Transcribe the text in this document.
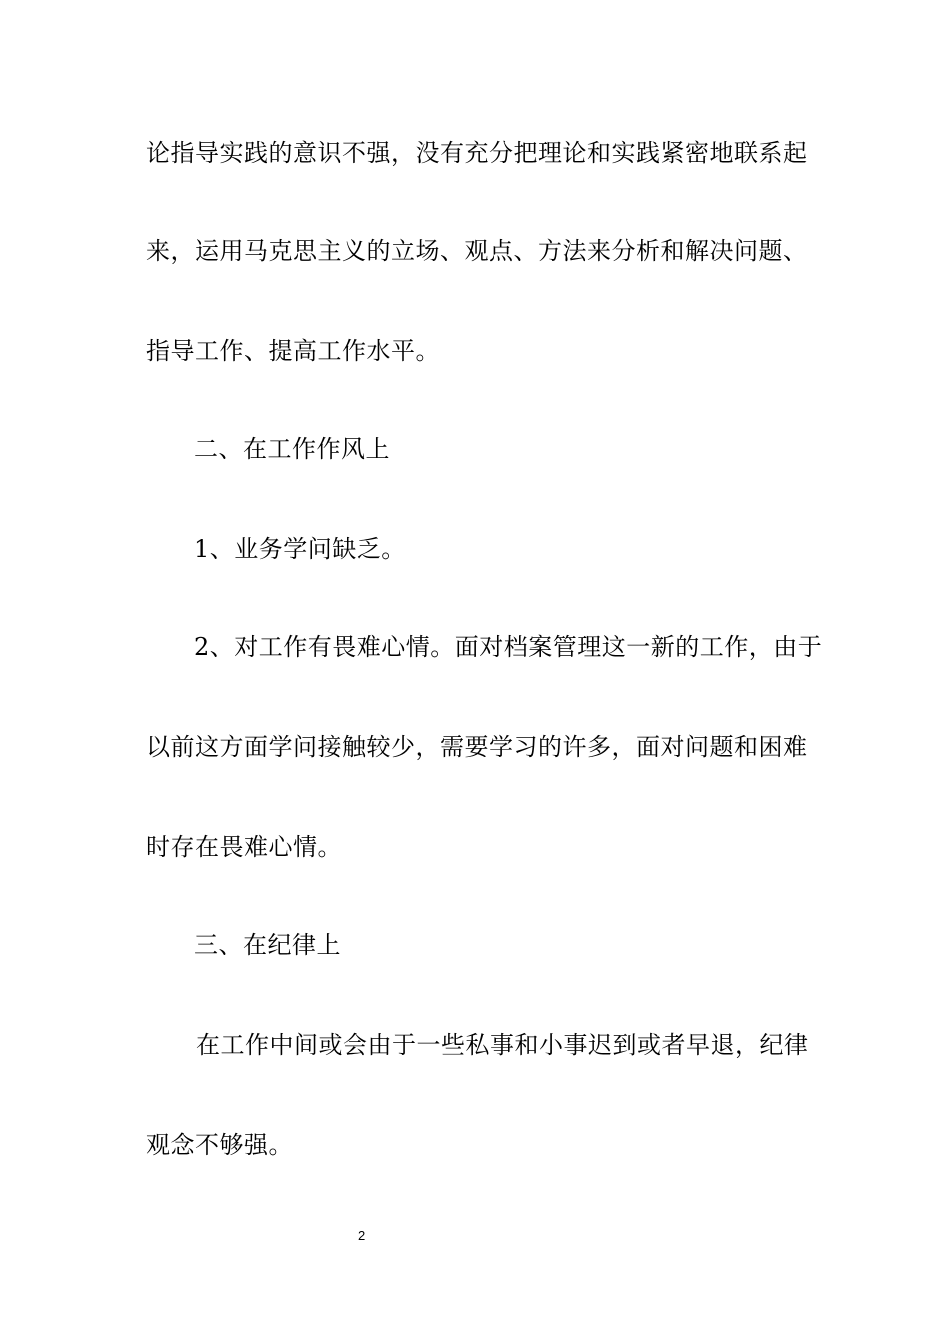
论指导实践的意识不强，没有充分把理论和实践紧密地联系起
来，运用马克思主义的立场、观点、方法来分析和解决问题、
指导工作、提高工作水平。
二、在工作作风上
1、业务学问缺乏。
2、对工作有畏难心情。面对档案管理这一新的工作，由于
以前这方面学问接触较少，需要学习的许多，面对问题和困难
时存在畏难心情。
三、在纪律上
在工作中间或会由于一些私事和小事迟到或者早退，纪律
观念不够强。
2
